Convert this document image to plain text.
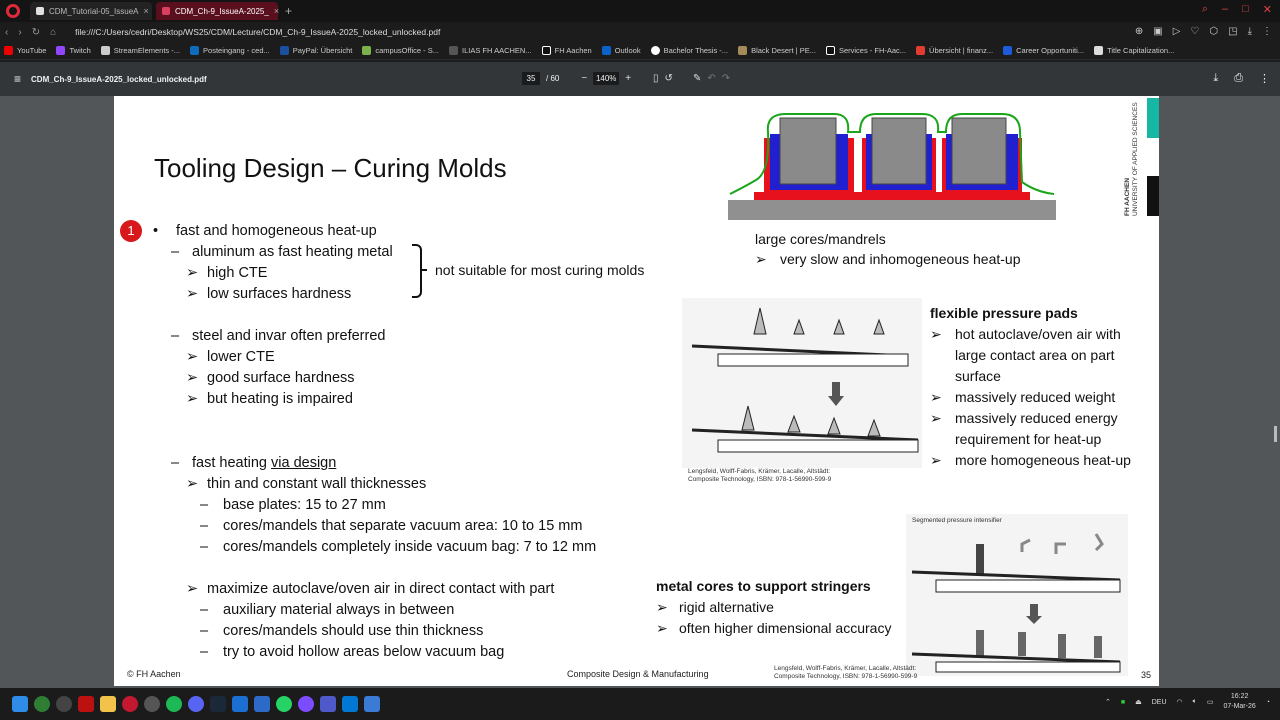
CDM_Tutorial-05_IssueA ×	CDM_Ch-9_IssueA-2025_ × +	⌕ – □ ✕
‹ › ↻ ⌂ file:///C:/Users/cedri/Desktop/WS25/CDM/Lecture/CDM_Ch-9_IssueA-2025_locked_unlocked.pdf	⊕ ▣ ▷ ♡ ⬡ ◳ ⤓ ⋮
YouTube	Twitch	StreamElements -...	Posteingang - ced...	PayPal: Übersicht	campusOffice - S...	ILIAS FH AACHEN...	FH Aachen	Outlook	Bachelor Thesis -...	Black Desert | PE...	Services - FH-Aac...	Übersicht | finanz...	Career Opportuniti...	Title Capitalization...
≡ CDM_Ch-9_IssueA-2025_locked_unlocked.pdf	35	/ 60 −	140% + ▯ ↺ ✎ ↶ ↷	⤓ ⎙ ⋮
Tooling Design – Curing Molds
1	• fast and homogeneous heat-up
– aluminum as fast heating metal
➢ high CTE
➢ low surfaces hardness
not suitable for most curing molds
– steel and invar often preferred
➢ lower CTE
➢ good surface hardness
➢ but heating is impaired
– fast heating via design
➢ thin and constant wall thicknesses
– base plates: 15 to 27 mm
– cores/mandels that separate vacuum area: 10 to 15 mm
– cores/mandels completely inside vacuum bag: 7 to 12 mm
➢ maximize autoclave/oven air in direct contact with part
– auxiliary material always in between
– cores/mandels should use thin thickness
– try to avoid hollow areas below vacuum bag
large cores/mandrels
➢ very slow and inhomogeneous heat-up
Lengsfeld, Wolff-Fabris, Krämer, Lacalle, Altstädt:
Composite Technology, ISBN: 978-1-56990-599-9
flexible pressure pads
➢ hot autoclave/oven air with
large contact area on part
surface
➢ massively reduced weight
➢ massively reduced energy
requirement for heat-up
➢ more homogeneous heat-up
metal cores to support stringers
➢ rigid alternative
➢ often higher dimensional accuracy
Segmented pressure intensifier
Lengsfeld, Wolff-Fabris, Krämer, Lacalle, Altstädt:
Composite Technology, ISBN: 978-1-56990-599-9
FH AACHEN UNIVERSITY OF APPLIED SCIENCES
© FH Aachen	Composite Design & Manufacturing	35
⌃ ■ ⏏ DEU ◠ 🔈︎ ▭
16:22
07-Mar-26
◔
